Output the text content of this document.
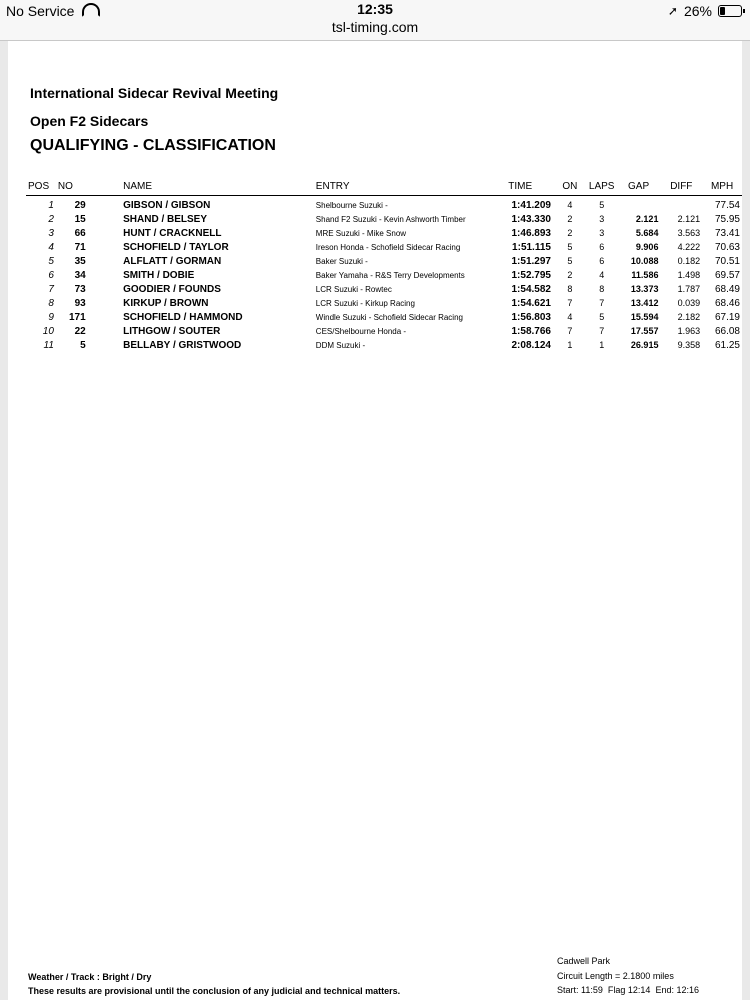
No Service	12:35
tsl-timing.com
➚ 26%
International Sidecar Revival Meeting
Open F2 Sidecars
QUALIFYING - CLASSIFICATION
POS	NO		NAME	ENTRY	TIME	ON	LAPS	GAP	DIFF	MPH
1	29		GIBSON / GIBSON	Shelbourne Suzuki -	1:41.209	4	5			77.54
2	15		SHAND / BELSEY	Shand F2 Suzuki - Kevin Ashworth Timber	1:43.330	2	3	2.121	2.121	75.95
3	66		HUNT / CRACKNELL	MRE Suzuki - Mike Snow	1:46.893	2	3	5.684	3.563	73.41
4	71		SCHOFIELD / TAYLOR	Ireson Honda - Schofield Sidecar Racing	1:51.115	5	6	9.906	4.222	70.63
5	35		ALFLATT / GORMAN	Baker Suzuki -	1:51.297	5	6	10.088	0.182	70.51
6	34		SMITH / DOBIE	Baker Yamaha - R&S Terry Developments	1:52.795	2	4	11.586	1.498	69.57
7	73		GOODIER / FOUNDS	LCR Suzuki - Rowtec	1:54.582	8	8	13.373	1.787	68.49
8	93		KIRKUP / BROWN	LCR Suzuki - Kirkup Racing	1:54.621	7	7	13.412	0.039	68.46
9	171		SCHOFIELD / HAMMOND	Windle Suzuki - Schofield Sidecar Racing	1:56.803	4	5	15.594	2.182	67.19
10	22		LITHGOW / SOUTER	CES/Shelbourne Honda -	1:58.766	7	7	17.557	1.963	66.08
11	5		BELLABY / GRISTWOOD	DDM Suzuki -	2:08.124	1	1	26.915	9.358	61.25
Weather / Track : Bright / Dry
These results are provisional until the conclusion of any judicial and technical matters.
Cadwell Park
Circuit Length = 2.1800 miles
Start: 11:59 Flag 12:14 End: 12:16
